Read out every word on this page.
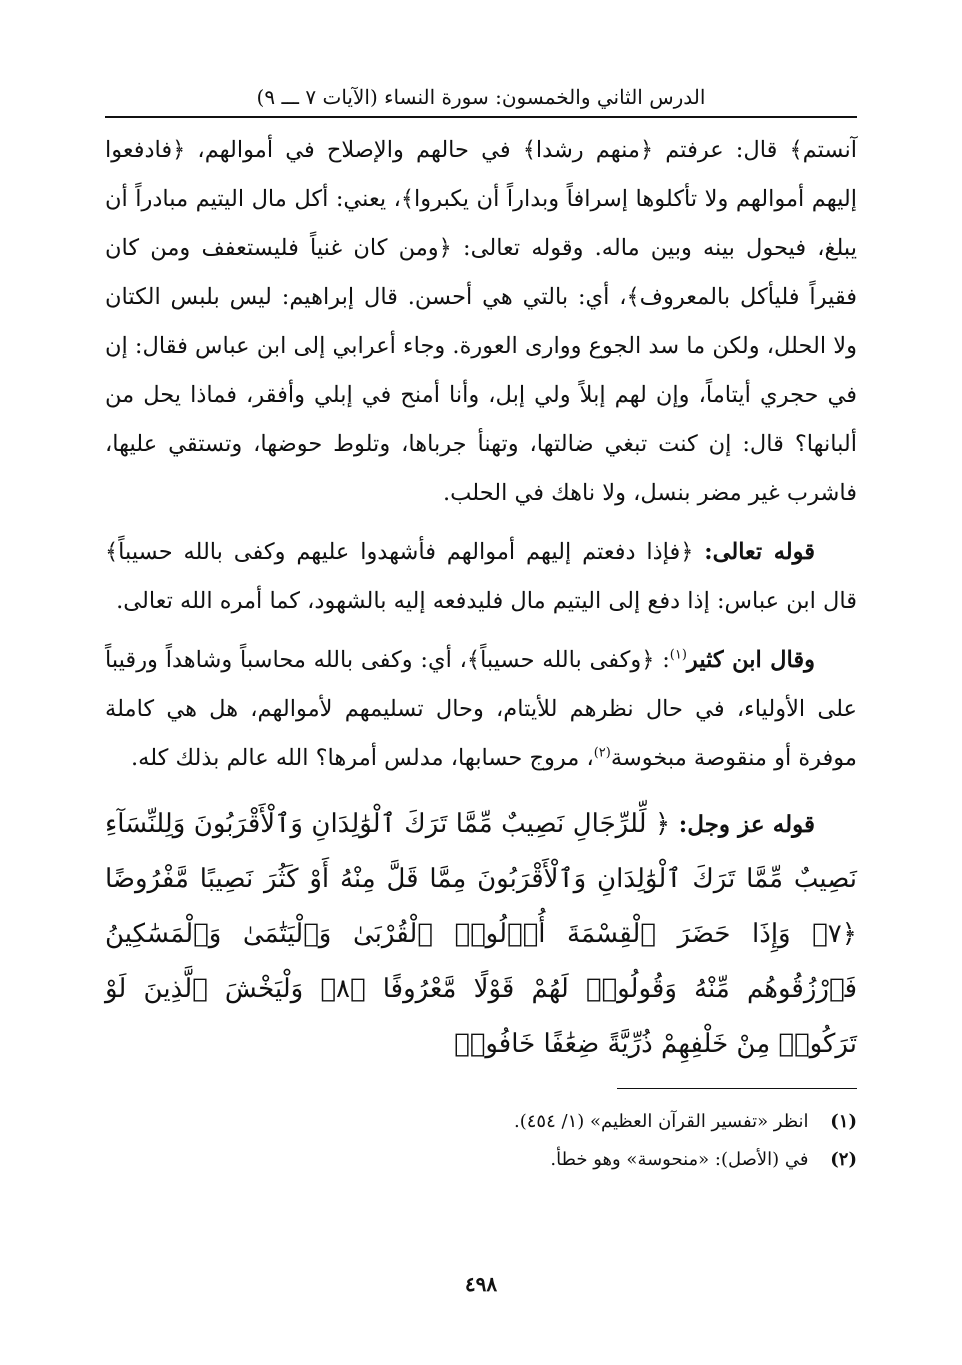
الدرس الثاني والخمسون: سورة النساء (الآيات ٧ ـــ ٩)

آنستم﴾ قال: عرفتم ﴿منهم رشدا﴾ في حالهم والإصلاح في أموالهم، ﴿فادفعوا إليهم أموالهم ولا تأكلوها إسرافاً وبداراً أن يكبروا﴾، يعني: أكل مال اليتيم مبادراً أن يبلغ، فيحول بينه وبين ماله. وقوله تعالى: ﴿ومن كان غنياً فليستعفف ومن كان فقيراً فليأكل بالمعروف﴾، أي: بالتي هي أحسن. قال إبراهيم: ليس بلبس الكتان ولا الحلل، ولكن ما سد الجوع ووارى العورة. وجاء أعرابي إلى ابن عباس فقال: إن في حجري أيتاماً، وإن لهم إبلاً ولي إبل، وأنا أمنح في إبلي وأفقر، فماذا يحل من ألبانها؟ قال: إن كنت تبغي ضالتها، وتهنأ جرباها، وتلوط حوضها، وتستقي عليها، فاشرب غير مضر بنسل، ولا ناهك في الحلب.

قوله تعالى: ﴿فإذا دفعتم إليهم أموالهم فأشهدوا عليهم وكفى بالله حسيباً﴾ قال ابن عباس: إذا دفع إلى اليتيم مال فليدفعه إليه بالشهود، كما أمره الله تعالى.

وقال ابن كثير$^{(١)}$: ﴿وكفى بالله حسيباً﴾، أي: وكفى بالله محاسباً وشاهداً ورقيباً على الأولياء، في حال نظرهم للأيتام، وحال تسليمهم لأموالهم، هل هي كاملة موفرة أو منقوصة مبخوسة$^{(٢)}$، مروج حسابها، مدلس أمرها؟ الله عالم بذلك كله.

قوله عز وجل: ﴿ لِّلرِّجَالِ نَصِيبٌ مِّمَّا تَرَكَ ٱلْوَٰلِدَانِ وَٱلْأَقْرَبُونَ وَلِلنِّسَآءِ نَصِيبٌ مِّمَّا تَرَكَ ٱلْوَٰلِدَانِ وَٱلْأَقْرَبُونَ مِمَّا قَلَّ مِنْهُ أَوْ كَثُرَ نَصِيبًا مَّفْرُوضًا ﴿٧﴾ وَإِذَا حَضَرَ ٱلْقِسْمَةَ أُو۟لُوا۟ ٱلْقُرْبَىٰ وَٱلْيَتَٰمَىٰ وَٱلْمَسَٰكِينُ فَٱرْزُقُوهُم مِّنْهُ وَقُولُوا۟ لَهُمْ قَوْلًا مَّعْرُوفًا ﴿٨﴾ وَلْيَخْشَ ٱلَّذِينَ لَوْ تَرَكُوا۟ مِنْ خَلْفِهِمْ ذُرِّيَّةً ضِعَٰفًا خَافُوا۟
(١) انظر «تفسير القرآن العظيم» (١/ ٤٥٤).
(٢) في (الأصل): «منحوسة» وهو خطأ.
٤٩٨
